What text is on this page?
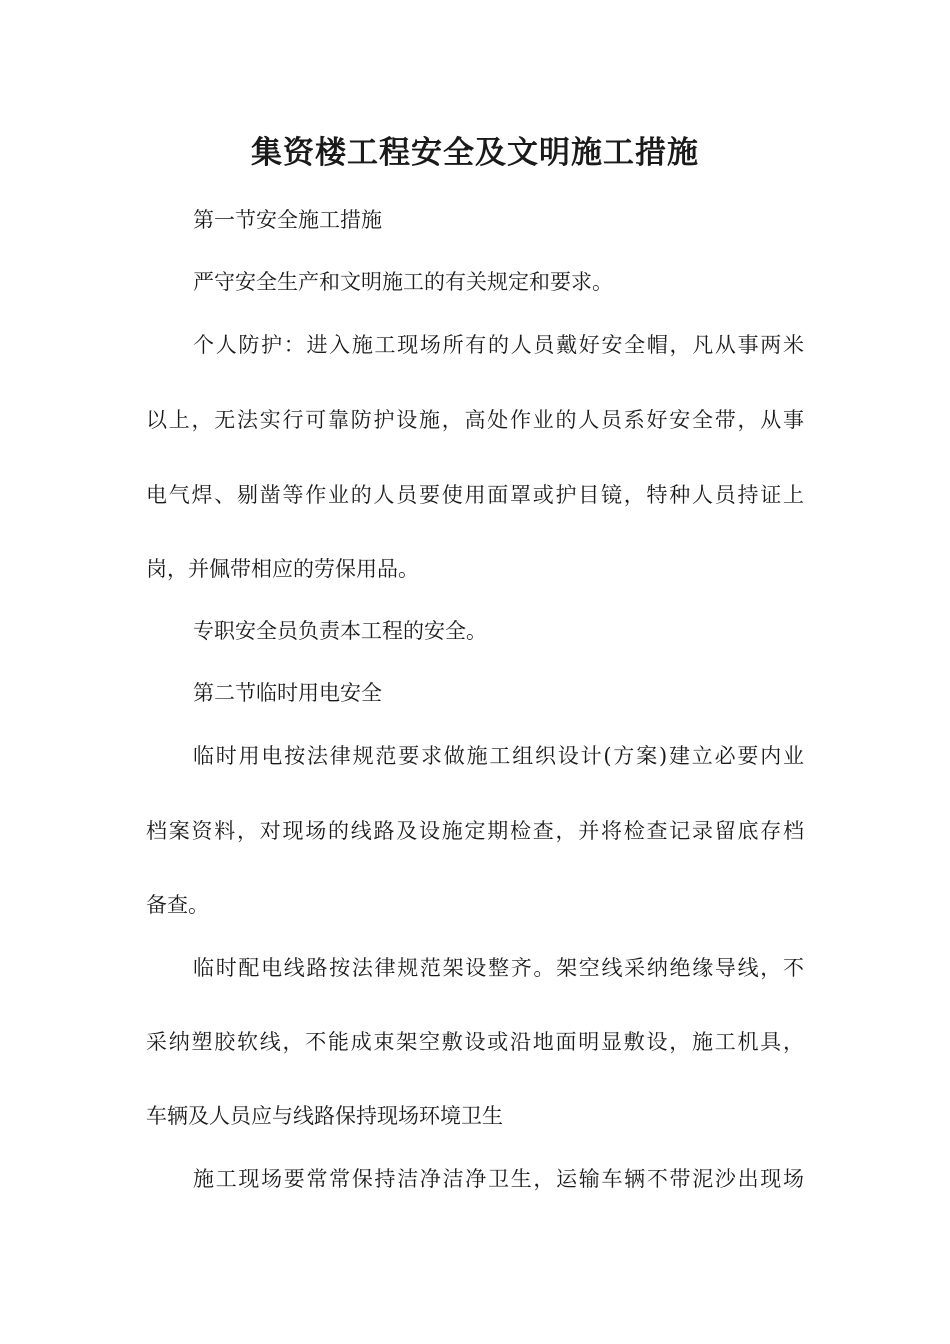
集资楼工程安全及文明施工措施

第一节安全施工措施

严守安全生产和文明施工的有关规定和要求。

个人防护：进入施工现场所有的人员戴好安全帽，凡从事两米

以上，无法实行可靠防护设施，高处作业的人员系好安全带，从事

电气焊、剔凿等作业的人员要使用面罩或护目镜，特种人员持证上

岗，并佩带相应的劳保用品。

专职安全员负责本工程的安全。

第二节临时用电安全

临时用电按法律规范要求做施工组织设计(方案)建立必要内业

档案资料，对现场的线路及设施定期检查，并将检查记录留底存档

备查。

临时配电线路按法律规范架设整齐。架空线采纳绝缘导线，不

采纳塑胶软线，不能成束架空敷设或沿地面明显敷设，施工机具，

车辆及人员应与线路保持现场环境卫生

施工现场要常常保持洁净洁净卫生，运输车辆不带泥沙出现场
